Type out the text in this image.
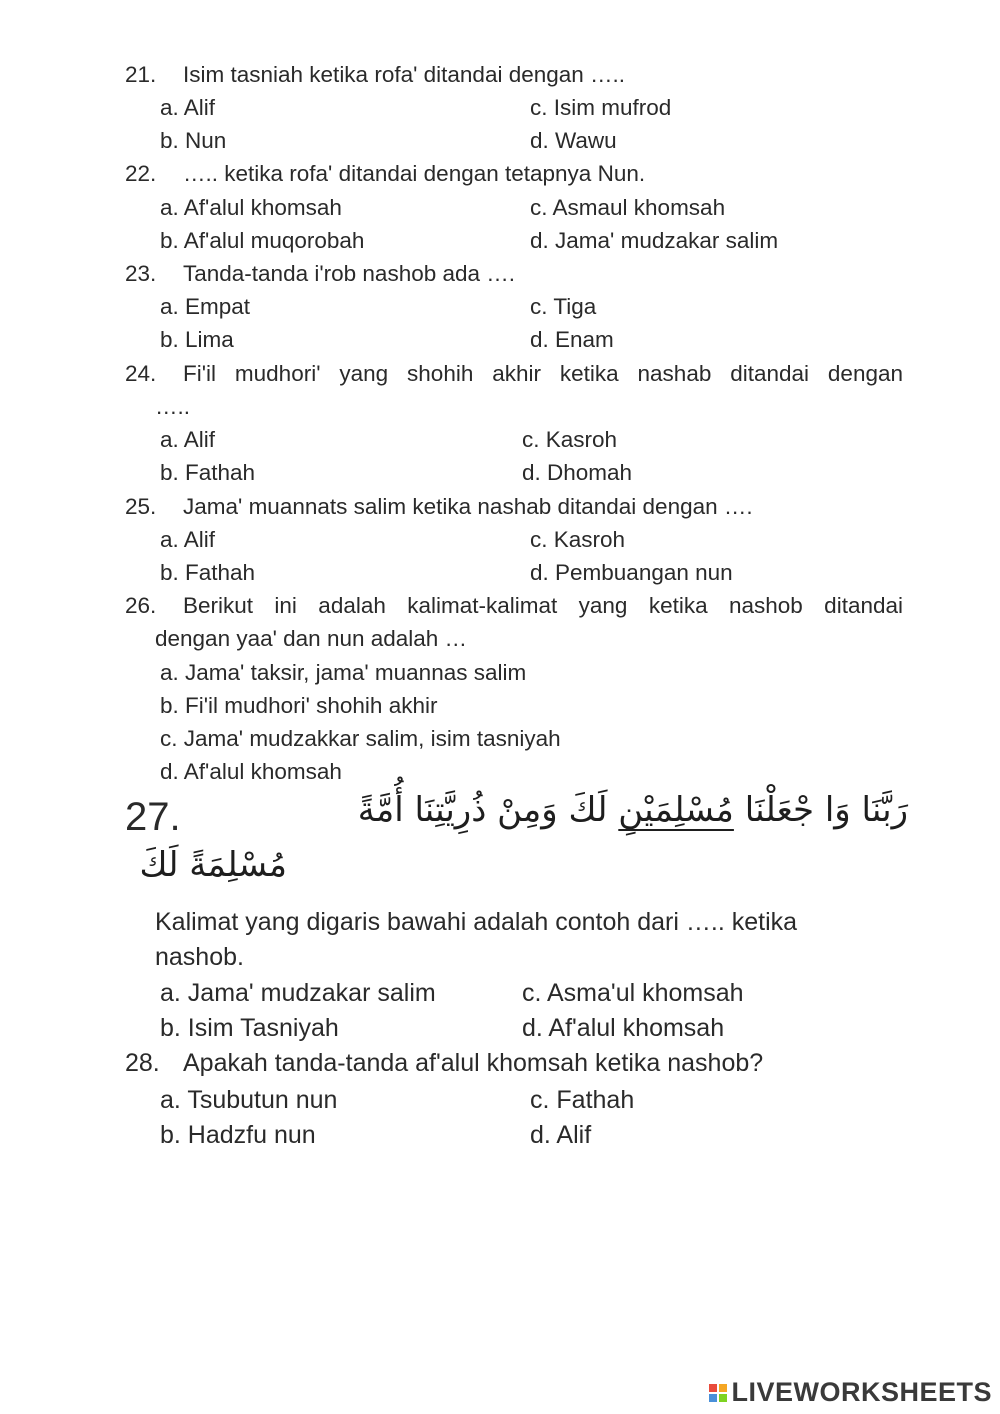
21. Isim tasniah ketika rofa' ditandai dengan …..
a. Alif	c. Isim mufrod
b. Nun	d. Wawu
22. ….. ketika rofa' ditandai dengan tetapnya Nun.
a. Af'alul khomsah	c. Asmaul khomsah
b. Af'alul muqorobah	d. Jama' mudzakar salim
23. Tanda-tanda i'rob nashob ada ….
a. Empat	c. Tiga
b. Lima	d. Enam
24. Fi'il mudhori' yang shohih akhir ketika nashab ditandai dengan
…..
a. Alif	c. Kasroh
b. Fathah	d. Dhomah
25. Jama' muannats salim ketika nashab ditandai dengan ….
a. Alif	c. Kasroh
b. Fathah	d. Pembuangan nun
26. Berikut ini adalah kalimat-kalimat yang ketika nashob ditandai
dengan yaa' dan nun adalah …
a. Jama' taksir, jama' muannas salim
b. Fi'il mudhori' shohih akhir
c. Jama' mudzakkar salim, isim tasniyah
d. Af'alul khomsah
27.	رَبَّنَا وَا جْعَلْنَا مُسْلِمَيْنِ لَكَ وَمِنْ ذُرِيَّتِنَا أُمَّةً
مُسْلِمَةً لَكَ
Kalimat yang digaris bawahi adalah contoh dari ….. ketika
nashob.
a. Jama' mudzakar salim	c. Asma'ul khomsah
b. Isim Tasniyah	d. Af'alul khomsah
28. Apakah tanda-tanda af'alul khomsah ketika nashob?
a. Tsubutun nun	c. Fathah
b. Hadzfu nun	d. Alif
LIVEWORKSHEETS
